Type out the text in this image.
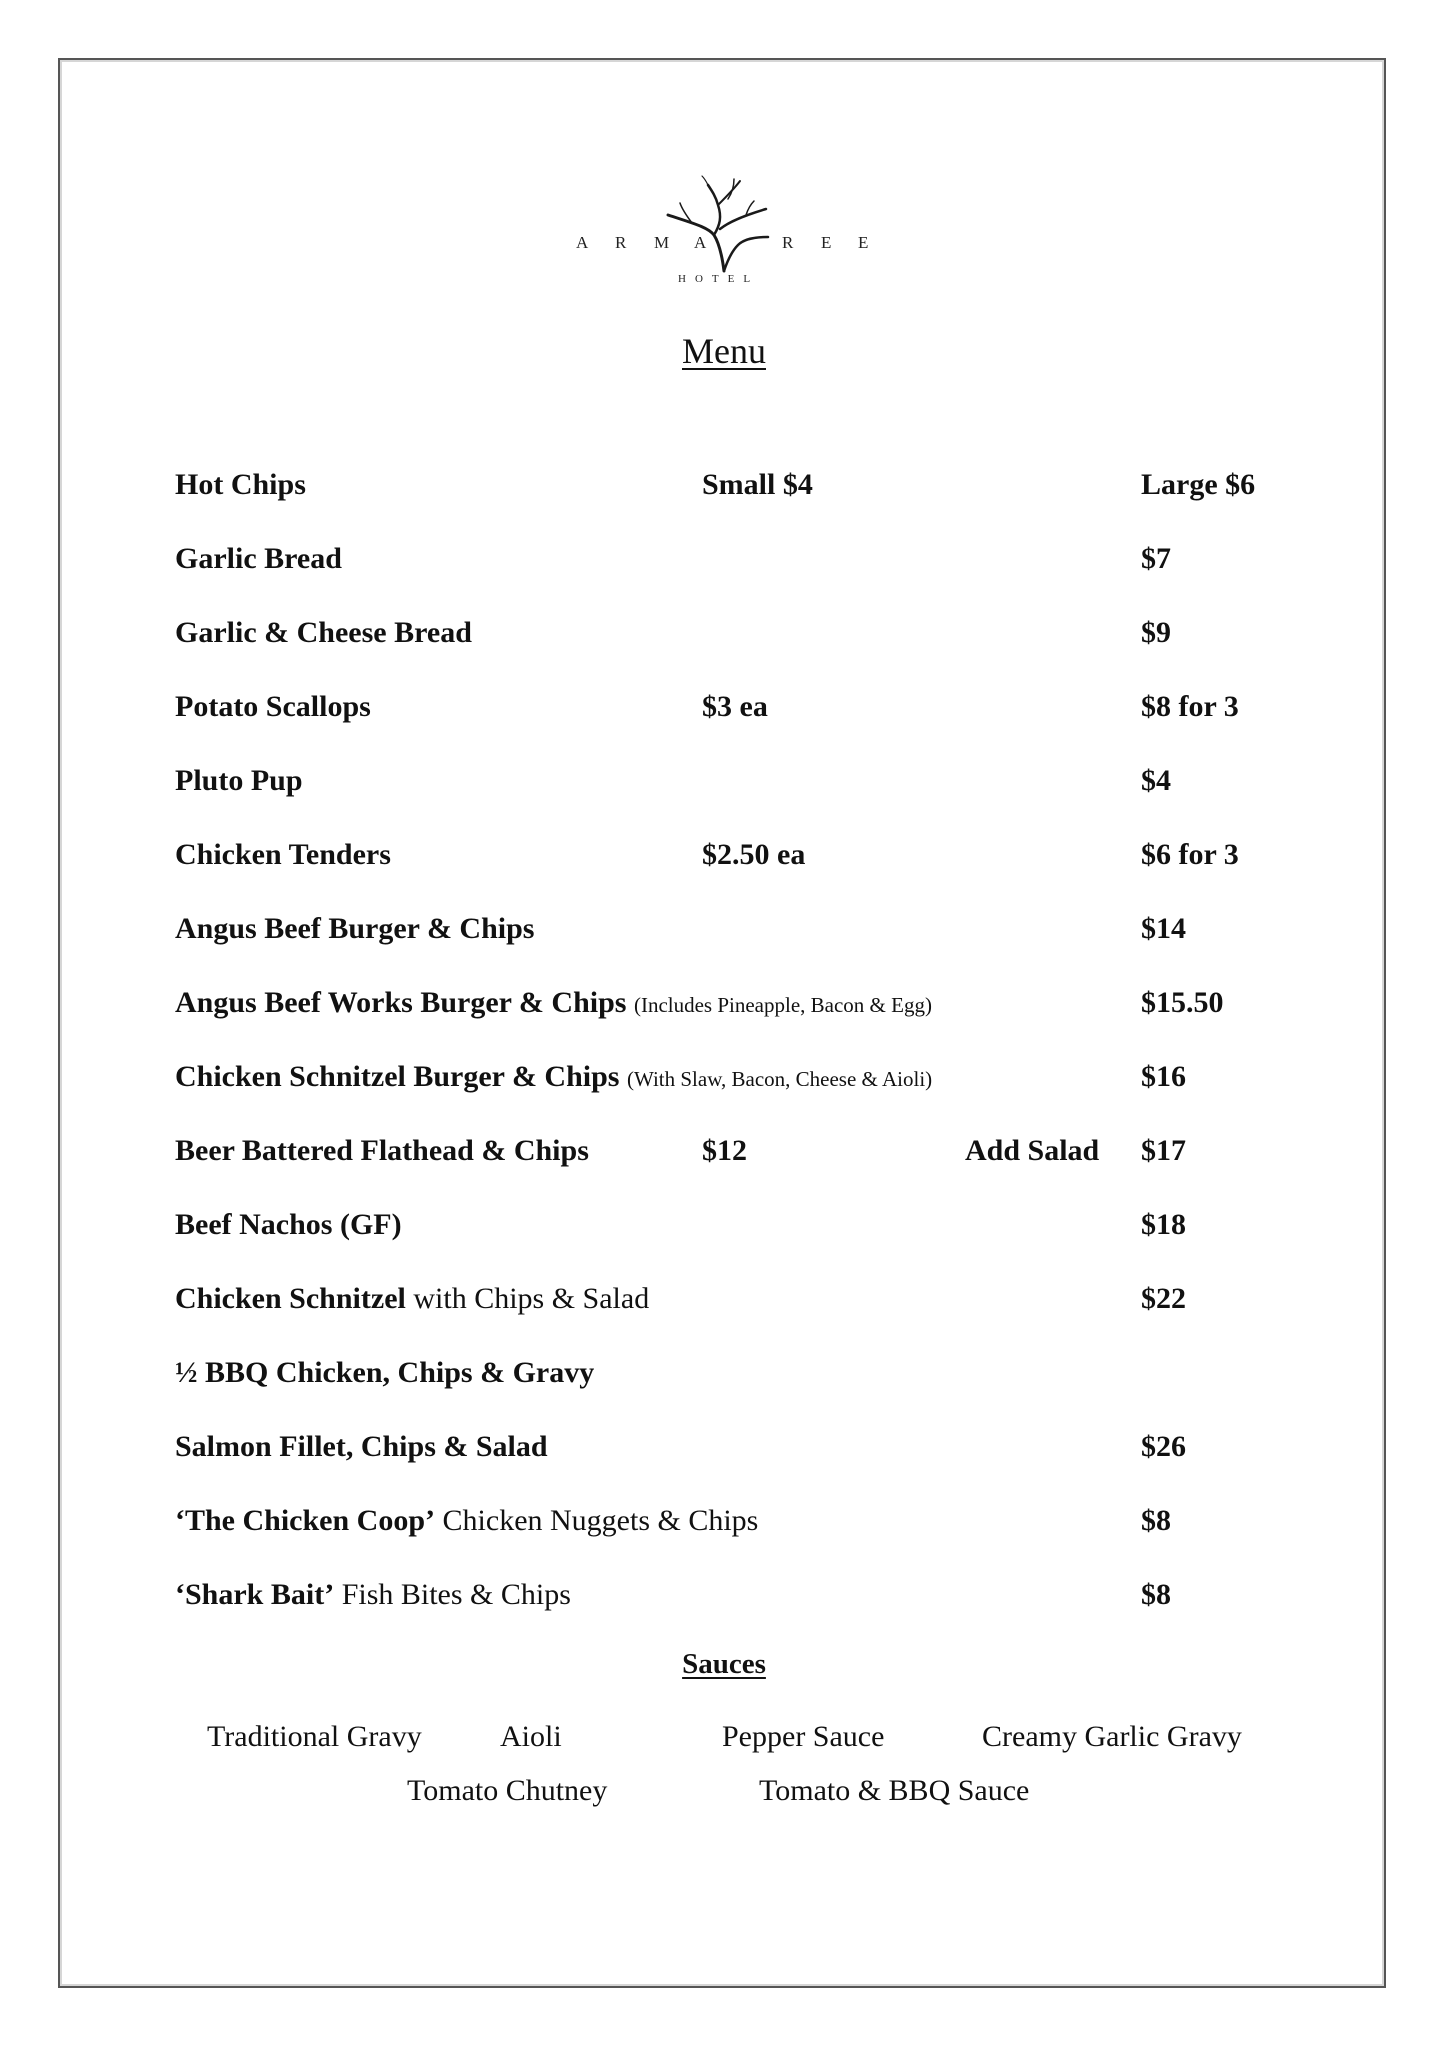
A R M A	R E E
HOTEL
Menu
Hot Chips	Small $4	Large $6
Garlic Bread	$7
Garlic & Cheese Bread	$9
Potato Scallops	$3 ea	$8 for 3
Pluto Pup	$4
Chicken Tenders	$2.50 ea	$6 for 3
Angus Beef Burger & Chips	$14
Angus Beef Works Burger & Chips (Includes Pineapple, Bacon & Egg)	$15.50
Chicken Schnitzel Burger & Chips (With Slaw, Bacon, Cheese & Aioli)	$16
Beer Battered Flathead & Chips	$12	Add Salad $17
Beef Nachos (GF)	$18
Chicken Schnitzel with Chips & Salad	$22
½ BBQ Chicken, Chips & Gravy
Salmon Fillet, Chips & Salad	$26
‘The Chicken Coop’ Chicken Nuggets & Chips	$8
‘Shark Bait’ Fish Bites & Chips	$8
Sauces
Traditional Gravy	Aioli	Pepper Sauce	Creamy Garlic Gravy
Tomato Chutney	Tomato & BBQ Sauce
